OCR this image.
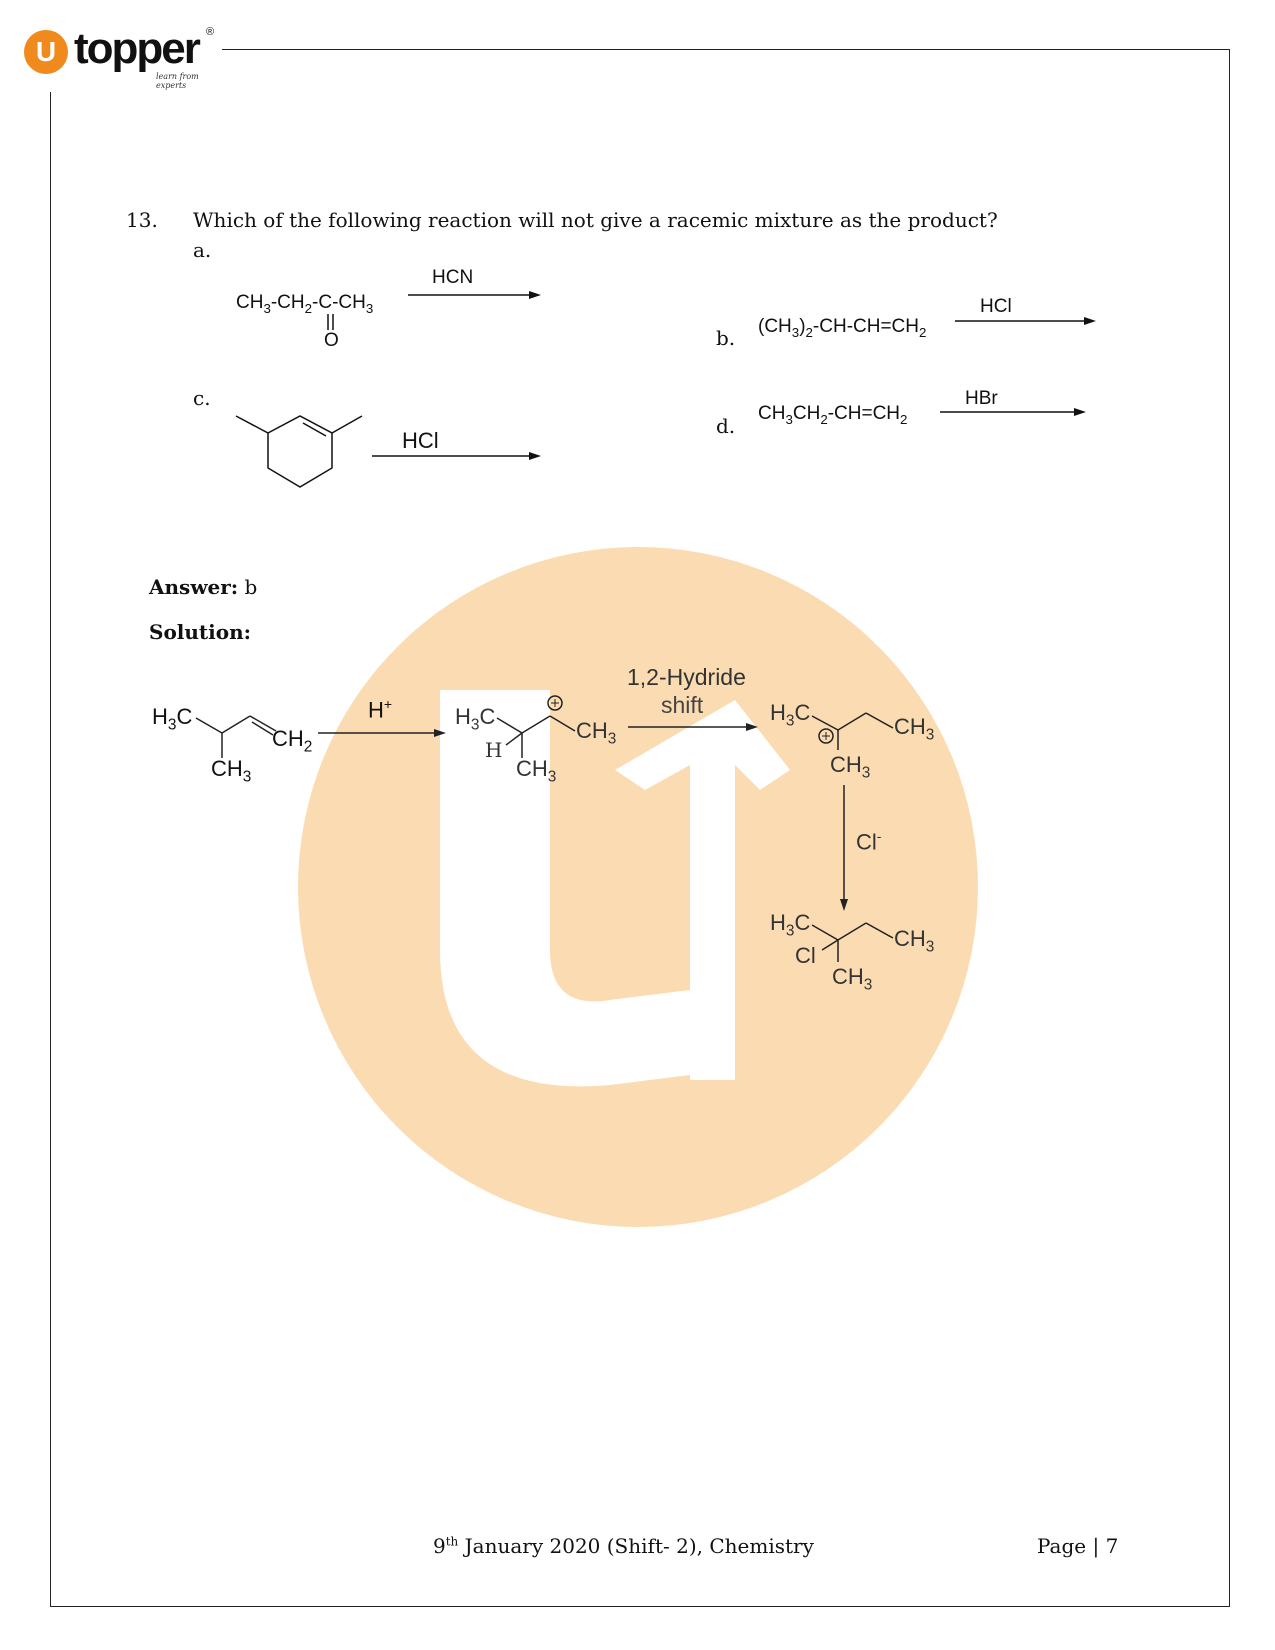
U topper ®
learn from experts
13. Which of the following reaction will not give a racemic mixture as the product?
a.
$CH_3-CH_2-C-CH_3$
O
HCN
b. $(CH_3)_2-CH-CH=CH_2$
HCl
c.
HCl
d.
$CH_3CH_2-CH=CH_2$
HBr
Answer: b
Solution:
$H_3C$
$CH_2$
$CH_3$
H+	$H_3C$
H
$CH_3$
$CH_3$
1,2-Hydride
shift	$H_3C$
$CH_3$
$CH_3$
Cl-
$H_3C$
Cl
$CH_3$
$CH_3$
9th January 2020 (Shift- 2), Chemistry	Page | 7
